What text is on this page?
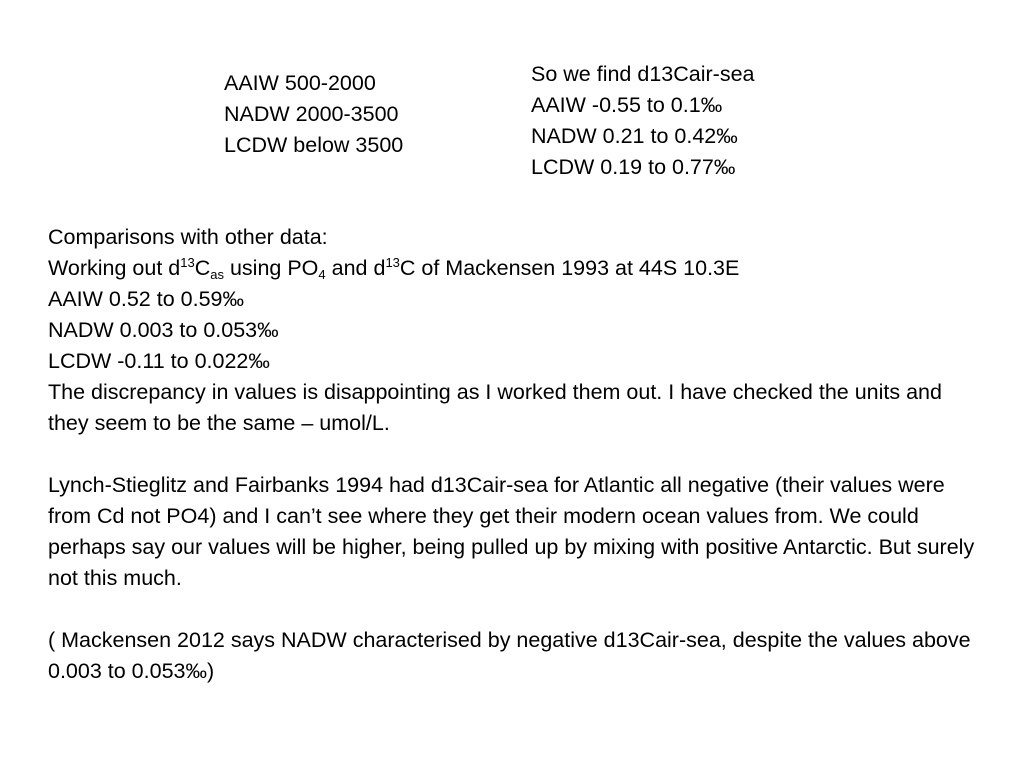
AAIW 500-2000
NADW 2000-3500
LCDW below 3500
So we find d13Cair-sea
AAIW -0.55 to 0.1‰
NADW 0.21 to 0.42‰
LCDW 0.19 to 0.77‰
Comparisons with other data:
Working out $d^{13}C_{as}$ using $PO_4$ and $d^{13}C$ of Mackensen 1993 at 44S 10.3E
AAIW 0.52 to 0.59‰
NADW 0.003 to 0.053‰
LCDW -0.11 to 0.022‰
The discrepancy in values is disappointing as I worked them out. I have checked the units and they seem to be the same – umol/L.
Lynch-Stieglitz and Fairbanks 1994 had d13Cair-sea for Atlantic all negative (their values were from Cd not PO4) and I can’t see where they get their modern ocean values from. We could perhaps say our values will be higher, being pulled up by mixing with positive Antarctic. But surely not this much.
( Mackensen 2012 says NADW characterised by negative d13Cair-sea, despite the values above 0.003 to 0.053‰)
